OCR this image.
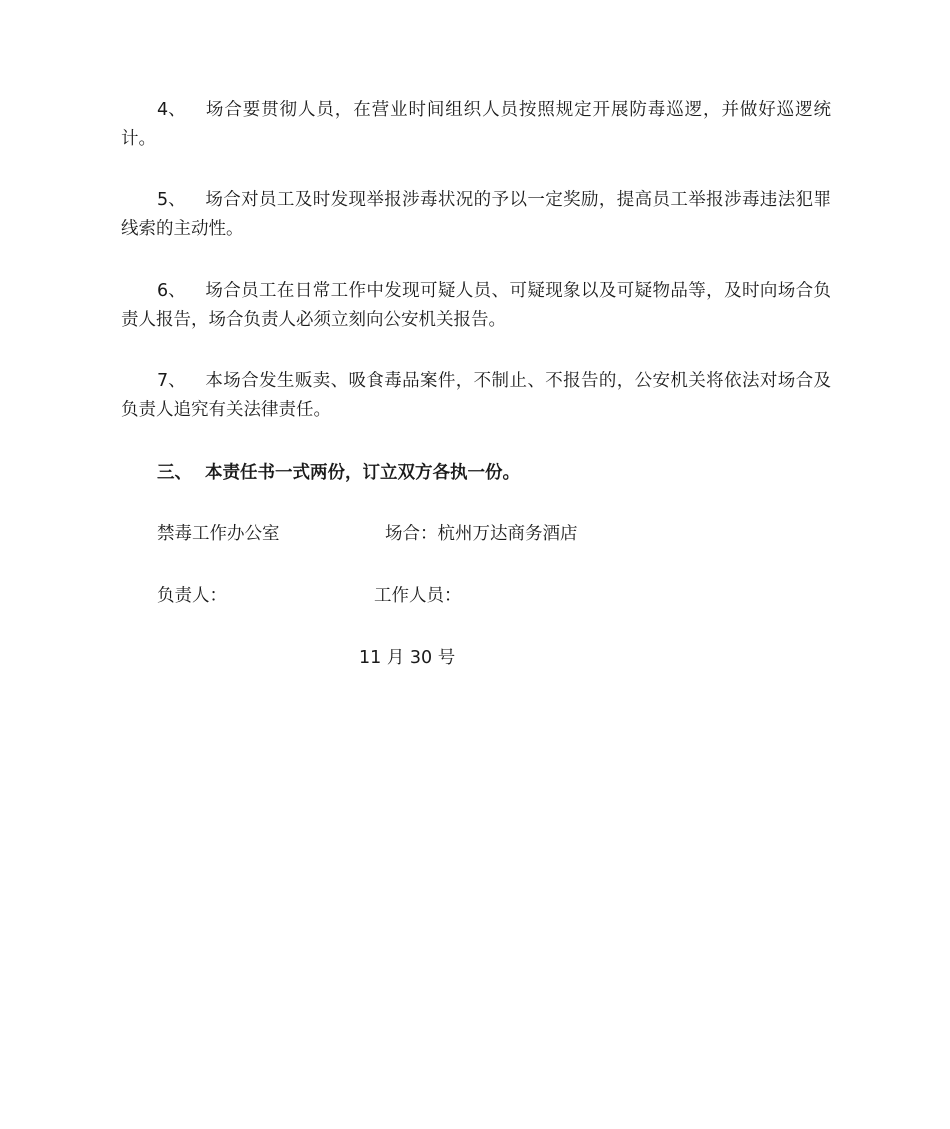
4、 场合要贯彻人员，在营业时间组织人员按照规定开展防毒巡逻，并做好巡逻统计。

5、 场合对员工及时发现举报涉毒状况的予以一定奖励，提高员工举报涉毒违法犯罪线索的主动性。

6、 场合员工在日常工作中发现可疑人员、可疑现象以及可疑物品等，及时向场合负责人报告，场合负责人必须立刻向公安机关报告。

7、 本场合发生贩卖、吸食毒品案件，不制止、不报告的，公安机关将依法对场合及负责人追究有关法律责任。

三、 本责任书一式两份，订立双方各执一份。

禁毒工作办公室	场合：杭州万达商务酒店

负责人：	工作人员：

11 月 30 号
